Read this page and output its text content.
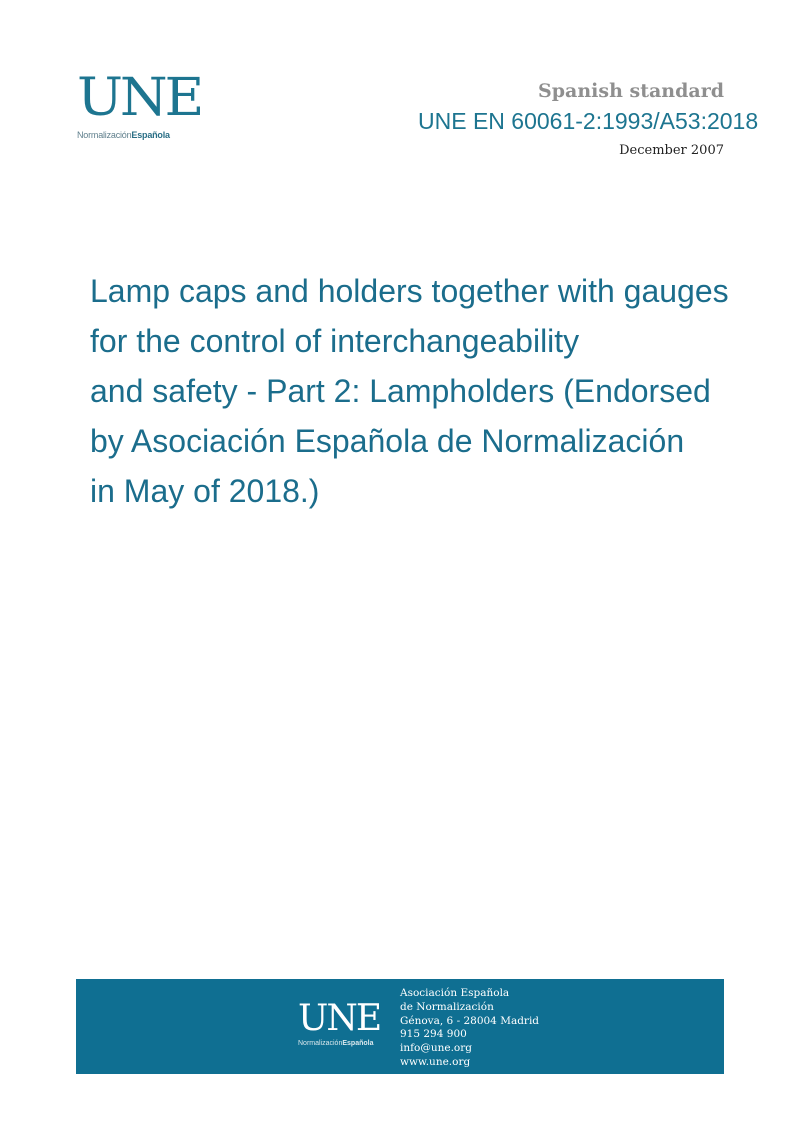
UNE
NormalizaciónEspañola
Spanish standard
UNE EN 60061-2:1993/A53:2018
December 2007
Lamp caps and holders together with gauges
for the control of interchangeability
and safety - Part 2: Lampholders (Endorsed
by Asociación Española de Normalización
in May of 2018.)
UNE
NormalizaciónEspañola
Asociación Española
de Normalización
Génova, 6 - 28004 Madrid
915 294 900
info@une.org
www.une.org
